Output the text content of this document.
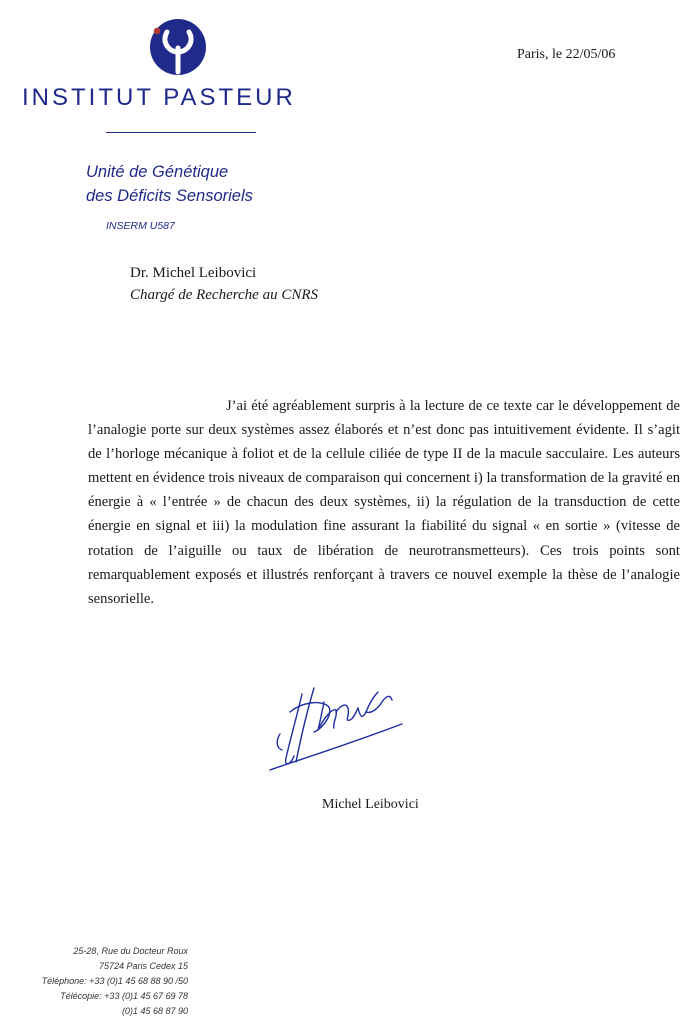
INSTITUT PASTEUR
Unité de Génétique
des Déficits Sensoriels
INSERM U587
Paris, le 22/05/06
Dr. Michel Leibovici
Chargé de Recherche au CNRS

J’ai été agréablement surpris à la lecture de ce texte car le développement de l’analogie porte sur deux systèmes assez élaborés et n’est donc pas intuitivement évidente. Il s’agit de l’horloge mécanique à foliot et de la cellule ciliée de type II de la macule sacculaire. Les auteurs mettent en évidence trois niveaux de comparaison qui concernent i) la transformation de la gravité en énergie à « l’entrée » de chacun des deux systèmes, ii) la régulation de la transduction de cette énergie en signal et iii) la modulation fine assurant la fiabilité du signal « en sortie » (vitesse de rotation de l’aiguille ou taux de libération de neurotransmetteurs). Ces trois points sont remarquablement exposés et illustrés renforçant à travers ce nouvel exemple la thèse de l’analogie sensorielle.

Michel Leibovici
25-28, Rue du Docteur Roux
75724 Paris Cedex 15
Téléphone: +33 (0)1 45 68 88 90 /50
Télécopie: +33 (0)1 45 67 69 78
(0)1 45 68 87 90
